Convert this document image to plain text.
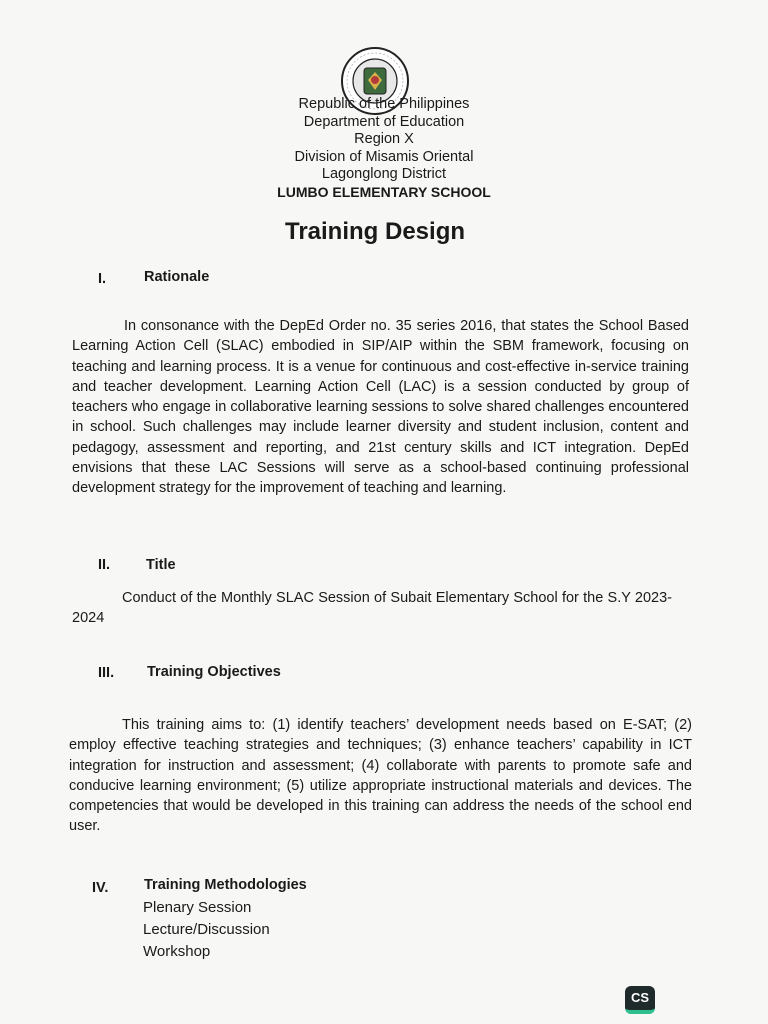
Republic of the Philippines
Department of Education
Region X
Division of Misamis Oriental
Lagonglong District
LUMBO ELEMENTARY SCHOOL
Training Design
I.	Rationale
In consonance with the DepEd Order no. 35 series 2016, that states the School Based Learning Action Cell (SLAC) embodied in SIP/AIP within the SBM framework, focusing on teaching and learning process. It is a venue for continuous and cost-effective in-service training and teacher development. Learning Action Cell (LAC) is a session conducted by group of teachers who engage in collaborative learning sessions to solve shared challenges encountered in school. Such challenges may include learner diversity and student inclusion, content and pedagogy, assessment and reporting, and 21st century skills and ICT integration. DepEd envisions that these LAC Sessions will serve as a school-based continuing professional development strategy for the improvement of teaching and learning.
II. Title
Conduct of the Monthly SLAC Session of Subait Elementary School for the S.Y 2023-2024
III. Training Objectives
This training aims to: (1) identify teachers’ development needs based on E-SAT; (2) employ effective teaching strategies and techniques; (3) enhance teachers’ capability in ICT integration for instruction and assessment; (4) collaborate with parents to promote safe and conducive learning environment; (5) utilize appropriate instructional materials and devices. The competencies that would be developed in this training can address the needs of the school end user.
IV. Training Methodologies
Plenary Session
Lecture/Discussion
Workshop
CS
